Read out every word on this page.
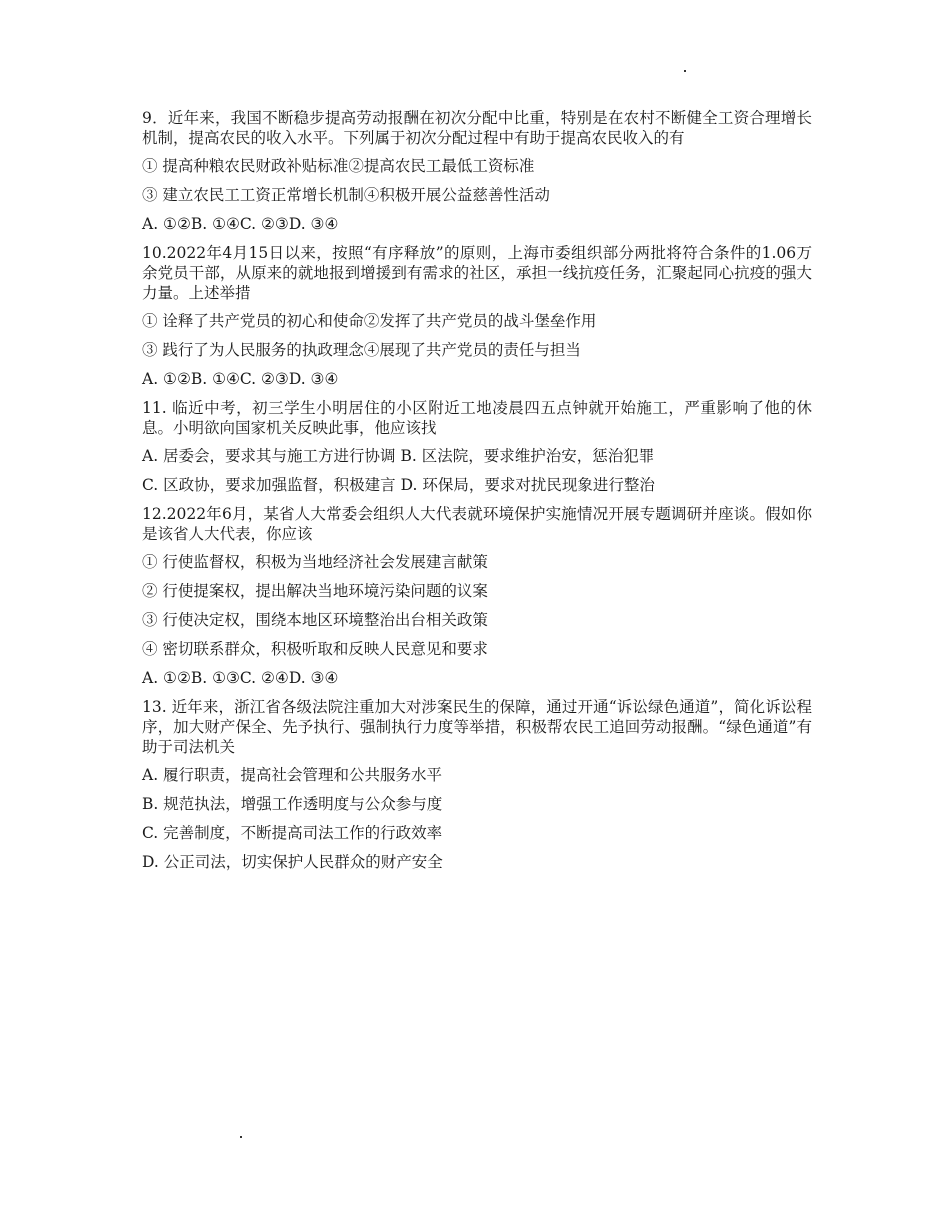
9．近年来，我国不断稳步提高劳动报酬在初次分配中比重，特别是在农村不断健全工资合理增长机制，提高农民的收入水平。下列属于初次分配过程中有助于提高农民收入的有

① 提高种粮农民财政补贴标准②提高农民工最低工资标准

③ 建立农民工工资正常增长机制④积极开展公益慈善性活动

A. ①②B. ①④C. ②③D. ③④

10.2022年4月15日以来，按照“有序释放”的原则，上海市委组织部分两批将符合条件的1.06万余党员干部，从原来的就地报到增援到有需求的社区，承担一线抗疫任务，汇聚起同心抗疫的强大力量。上述举措

① 诠释了共产党员的初心和使命②发挥了共产党员的战斗堡垒作用

③ 践行了为人民服务的执政理念④展现了共产党员的责任与担当

A. ①②B. ①④C. ②③D. ③④

11. 临近中考，初三学生小明居住的小区附近工地凌晨四五点钟就开始施工，严重影响了他的休息。小明欲向国家机关反映此事，他应该找

A. 居委会，要求其与施工方进行协调 B. 区法院，要求维护治安，惩治犯罪

C. 区政协，要求加强监督，积极建言 D. 环保局，要求对扰民现象进行整治

12.2022年6月，某省人大常委会组织人大代表就环境保护实施情况开展专题调研并座谈。假如你是该省人大代表，你应该

① 行使监督权，积极为当地经济社会发展建言献策

② 行使提案权，提出解决当地环境污染问题的议案

③ 行使决定权，围绕本地区环境整治出台相关政策

④ 密切联系群众，积极听取和反映人民意见和要求

A. ①②B. ①③C. ②④D. ③④

13. 近年来，浙江省各级法院注重加大对涉案民生的保障，通过开通“诉讼绿色通道”，简化诉讼程序，加大财产保全、先予执行、强制执行力度等举措，积极帮农民工追回劳动报酬。“绿色通道”有助于司法机关

A. 履行职责，提高社会管理和公共服务水平

B. 规范执法，增强工作透明度与公众参与度

C. 完善制度，不断提高司法工作的行政效率

D. 公正司法，切实保护人民群众的财产安全
